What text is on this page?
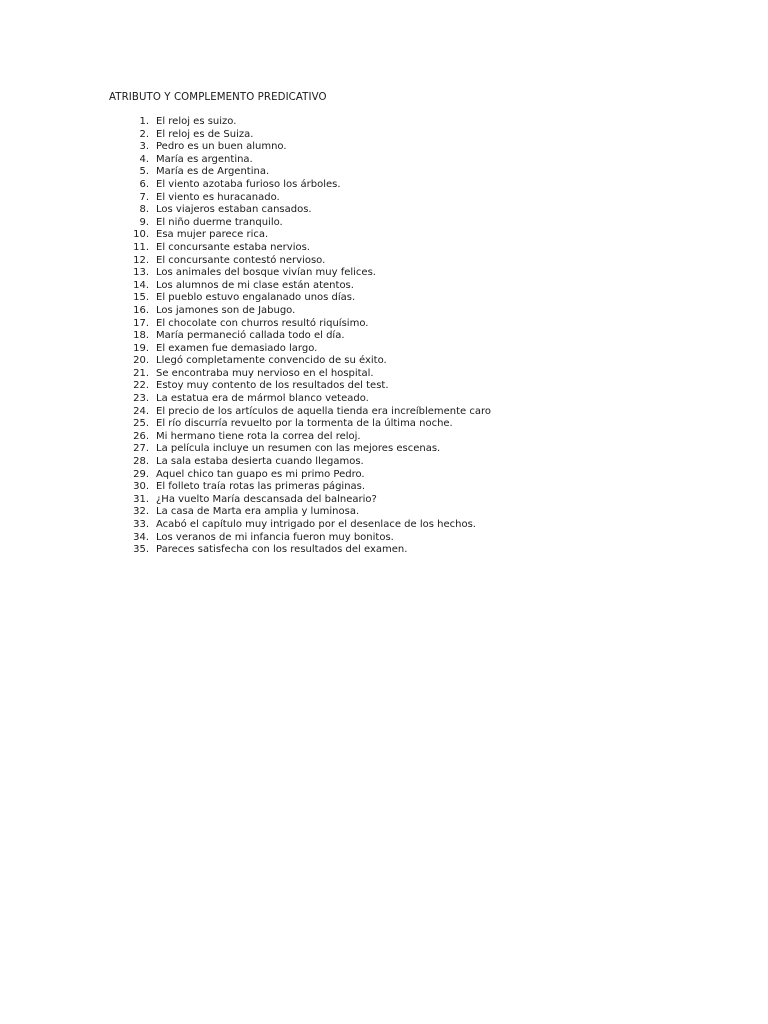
ATRIBUTO Y COMPLEMENTO PREDICATIVO
1. El reloj es suizo.
2. El reloj es de Suiza.
3. Pedro es un buen alumno.
4. María es argentina.
5. María es de Argentina.
6. El viento azotaba furioso los árboles.
7. El viento es huracanado.
8. Los viajeros estaban cansados.
9. El niño duerme tranquilo.
10. Esa mujer parece rica.
11. El concursante estaba nervios.
12. El concursante contestó nervioso.
13. Los animales del bosque vivían muy felices.
14. Los alumnos de mi clase están atentos.
15. El pueblo estuvo engalanado unos días.
16. Los jamones son de Jabugo.
17. El chocolate con churros resultó riquísimo.
18. María permaneció callada todo el día.
19. El examen fue demasiado largo.
20. Llegó completamente convencido de su éxito.
21. Se encontraba muy nervioso en el hospital.
22. Estoy muy contento de los resultados del test.
23. La estatua era de mármol blanco veteado.
24. El precio de los artículos de aquella tienda era increíblemente caro
25. El río discurría revuelto por la tormenta de la última noche.
26. Mi hermano tiene rota la correa del reloj.
27. La película incluye un resumen con las mejores escenas.
28. La sala estaba desierta cuando llegamos.
29. Aquel chico tan guapo es mi primo Pedro.
30. El folleto traía rotas las primeras páginas.
31. ¿Ha vuelto María descansada del balneario?
32. La casa de Marta era amplia y luminosa.
33. Acabó el capítulo muy intrigado por el desenlace de los hechos.
34. Los veranos de mi infancia fueron muy bonitos.
35. Pareces satisfecha con los resultados del examen.
